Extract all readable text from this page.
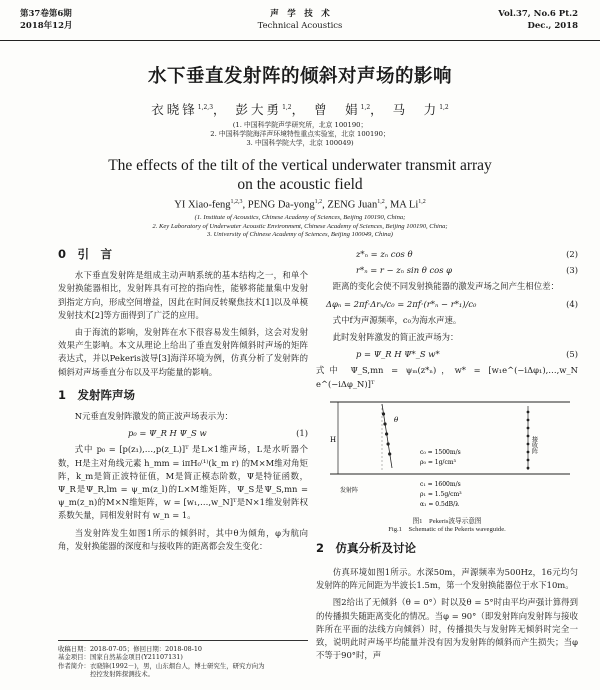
第37卷第6期
2018年12月
声　学　技　术
Technical Acoustics
Vol.37, No.6 Pt.2
Dec., 2018
水下垂直发射阵的倾斜对声场的影响
衣晓锋$^{1,2,3}$， 彭大勇$^{1,2}$， 曾　娟$^{1,2}$， 马　力$^{1,2}$
(1. 中国科学院声学研究所，北京 100190；
2. 中国科学院海洋声环境特性重点实验室，北京 100190；
3. 中国科学院大学，北京 100049)
The effects of the tilt of the vertical underwater transmit array
on the acoustic field
YI Xiao-feng$^{1,2,3}$, PENG Da-yong$^{1,2}$, ZENG Juan$^{1,2}$, MA Li$^{1,2}$
(1. Institute of Acoustics, Chinese Academy of Sciences, Beijing 100190, China;
2. Key Laboratory of Underwater Acoustic Environment, Chinese Academy of Sciences, Beijing 100190, China;
3. University of Chinese Academy of Sciences, Beijing 100049, China)
0　引　言

水下垂直发射阵是组成主动声呐系统的基本结构之一，和单个发射换能器相比，发射阵具有可控的指向性，能够将能量集中发射到指定方向，形成空间增益，因此在时间反转聚焦技术[1]以及单模发射技术[2]等方面得到了广泛的应用。

由于海流的影响，发射阵在水下很容易发生倾斜，这会对发射效果产生影响。本文从理论上给出了垂直发射阵倾斜时声场的矩阵表达式，并以Pekeris波导[3]海洋环境为例，仿真分析了发射阵的倾斜对声场垂直分布以及平均能量的影响。

1　发射阵声场

N元垂直发射阵激发的简正波声场表示为：

p₀ = Ψ_R H Ψ_S w	(1)

式中 p₀ = [p(z₁),…,p(z_L)]ᵀ 是L×1维声场，L是水听器个数，H是主对角线元素 h_mm = iπH₀⁽¹⁾(k_m r) 的M×M维对角矩阵，k_m是简正波特征值，M是简正模态阶数，Ψ是特征函数，Ψ_R是Ψ_R,lm = ψ_m(z_l)的L×M维矩阵，Ψ_S是Ψ_S,mn = ψ_m(z_n)的M×N维矩阵，w = [w₁,…,w_N]ᵀ是N×1维发射阵权系数矢量，同相发射时有 w_n = 1。

当发射阵发生如图1所示的倾斜时，其中θ为倾角，φ为航向角，发射换能器的深度和与接收阵的距离都会发生变化：

收稿日期：2018-07-05；修回日期：2018-08-10
基金项目：国家自然基金项目(Y21107131)
作者简介：衣晓锋(1992－)，男，山东烟台人，博士研究生，研究方向为
　　　　　控控发射阵探测技术。
z*ₙ = zₙ cos θ	(2)
r*ₙ = r − zₙ sin θ cos φ	(3)

距离的变化会使不同发射换能器的激发声场之间产生相位差：

Δφₙ = 2πf·Δrₙ/c₀ = 2πf·(r*ₙ − r*₁)/c₀	(4)

式中f为声源频率，c₀为海水声速。

此时发射阵激发的简正波声场为：

p = Ψ_R H Ψ*_S w*	(5)

式中 Ψ_S,mn = ψₘ(z*ₙ)，w* = [w₁e^(−iΔφ₁),…,w_N e^(−iΔφ_N)]ᵀ

H
θ
发射阵
接收阵
c₀ = 1500m/s
ρ₀ = 1g/cm³
c₁ = 1600m/s
ρ₁ = 1.5g/cm³
α₁ = 0.5dB/λ
图1　Pekeris波导示意图
Fig.1　Schematic of the Pekeris waveguide.
2　仿真分析及讨论

仿真环境如图1所示。水深50m，声源频率为500Hz，16元均匀发射阵的阵元间距为半波长1.5m，第一个发射换能器位于水下10m。

图2给出了无倾斜（θ = 0°）时以及θ = 5°时由平均声强计算得到的传播损失随距离变化的情况。当φ = 90°（即发射阵向发射阵与接收阵所在平面的法线方向倾斜）时，传播损失与发射阵无倾斜时完全一致，说明此时声场平均能量并没有因为发射阵的倾斜而产生损失；当φ不等于90°时，声
